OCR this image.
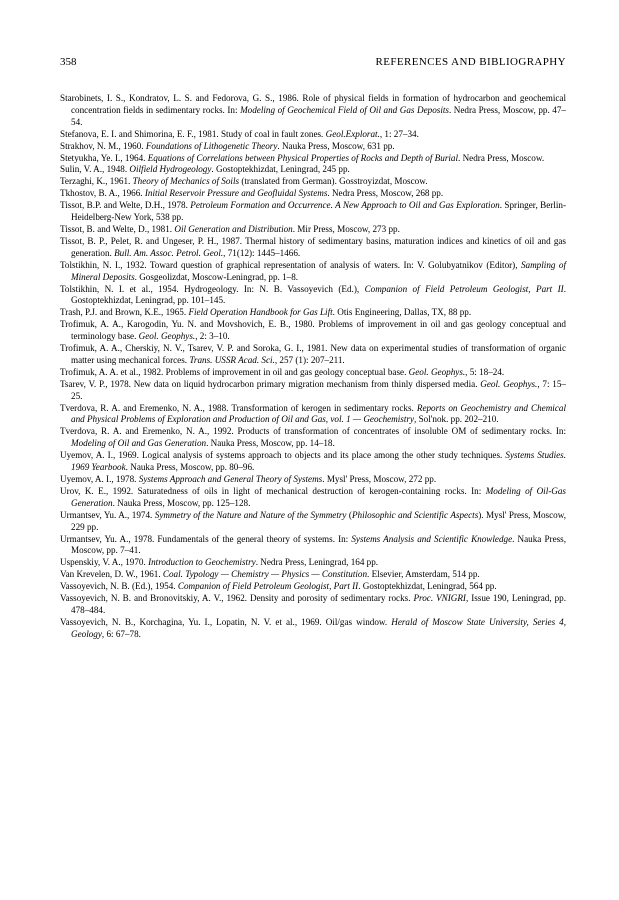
358	REFERENCES AND BIBLIOGRAPHY

Starobinets, I. S., Kondratov, L. S. and Fedorova, G. S., 1986. Role of physical fields in formation of hydrocarbon and geochemical concentration fields in sedimentary rocks. In: Modeling of Geochemical Field of Oil and Gas Deposits. Nedra Press, Moscow, pp. 47–54.

Stefanova, E. I. and Shimorina, E. F., 1981. Study of coal in fault zones. Geol.Explorat., 1: 27–34.

Strakhov, N. M., 1960. Foundations of Lithogenetic Theory. Nauka Press, Moscow, 631 pp.

Stetyukha, Ye. I., 1964. Equations of Correlations between Physical Properties of Rocks and Depth of Burial. Nedra Press, Moscow.

Sulin, V. A., 1948. Oilfield Hydrogeology. Gostoptekhizdat, Leningrad, 245 pp.

Terzaghi, K., 1961. Theory of Mechanics of Soils (translated from German). Gosstroyizdat, Moscow.

Tkhostov, B. A., 1966. Initial Reservoir Pressure and Geofluidal Systems. Nedra Press, Moscow, 268 pp.

Tissot, B.P. and Welte, D.H., 1978. Petroleum Formation and Occurrence. A New Approach to Oil and Gas Exploration. Springer, Berlin-Heidelberg-New York, 538 pp.

Tissot, B. and Welte, D., 1981. Oil Generation and Distribution. Mir Press, Moscow, 273 pp.

Tissot, B. P., Pelet, R. and Ungeser, P. H., 1987. Thermal history of sedimentary basins, maturation indices and kinetics of oil and gas generation. Bull. Am. Assoc. Petrol. Geol., 71(12): 1445–1466.

Tolstikhin, N. I., 1932. Toward question of graphical representation of analysis of waters. In: V. Golubyatnikov (Editor), Sampling of Mineral Deposits. Gosgeolizdat, Moscow-Leningrad, pp. 1–8.

Tolstikhin, N. I. et al., 1954. Hydrogeology. In: N. B. Vassoyevich (Ed.), Companion of Field Petroleum Geologist, Part II. Gostoptekhizdat, Leningrad, pp. 101–145.

Trash, P.J. and Brown, K.E., 1965. Field Operation Handbook for Gas Lift. Otis Engineering, Dallas, TX, 88 pp.

Trofimuk, A. A., Karogodin, Yu. N. and Movshovich, E. B., 1980. Problems of improvement in oil and gas geology conceptual and terminology base. Geol. Geophys., 2: 3–10.

Trofimuk, A. A., Cherskiy, N. V., Tsarev, V. P. and Soroka, G. I., 1981. New data on experimental studies of transformation of organic matter using mechanical forces. Trans. USSR Acad. Sci., 257 (1): 207–211.

Trofimuk, A. A. et al., 1982. Problems of improvement in oil and gas geology conceptual base. Geol. Geophys., 5: 18–24.

Tsarev, V. P., 1978. New data on liquid hydrocarbon primary migration mechanism from thinly dispersed media. Geol. Geophys., 7: 15–25.

Tverdova, R. A. and Eremenko, N. A., 1988. Transformation of kerogen in sedimentary rocks. Reports on Geochemistry and Chemical and Physical Problems of Exploration and Production of Oil and Gas, vol. 1 — Geochemistry, Sol'nok. pp. 202–210.

Tverdova, R. A. and Eremenko, N. A., 1992. Products of transformation of concentrates of insoluble OM of sedimentary rocks. In: Modeling of Oil and Gas Generation. Nauka Press, Moscow, pp. 14–18.

Uyemov, A. I., 1969. Logical analysis of systems approach to objects and its place among the other study techniques. Systems Studies. 1969 Yearbook. Nauka Press, Moscow, pp. 80–96.

Uyemov, A. I., 1978. Systems Approach and General Theory of Systems. Mysl' Press, Moscow, 272 pp.

Urov, K. E., 1992. Saturatedness of oils in light of mechanical destruction of kerogen-containing rocks. In: Modeling of Oil-Gas Generation. Nauka Press, Moscow, pp. 125–128.

Urmantsev, Yu. A., 1974. Symmetry of the Nature and Nature of the Symmetry (Philosophic and Scientific Aspects). Mysl' Press, Moscow, 229 pp.

Urmantsev, Yu. A., 1978. Fundamentals of the general theory of systems. In: Systems Analysis and Scientific Knowledge. Nauka Press, Moscow, pp. 7–41.

Uspenskiy, V. A., 1970. Introduction to Geochemistry. Nedra Press, Leningrad, 164 pp.

Van Krevelen, D. W., 1961. Coal. Typology — Chemistry — Physics — Constitution. Elsevier, Amsterdam, 514 pp.

Vassoyevich, N. B. (Ed.), 1954. Companion of Field Petroleum Geologist, Part II. Gostoptekhizdat, Leningrad, 564 pp.

Vassoyevich, N. B. and Bronovitskiy, A. V., 1962. Density and porosity of sedimentary rocks. Proc. VNIGRI, Issue 190, Leningrad, pp. 478–484.

Vassoyevich, N. B., Korchagina, Yu. I., Lopatin, N. V. et al., 1969. Oil/gas window. Herald of Moscow State University, Series 4, Geology, 6: 67–78.
